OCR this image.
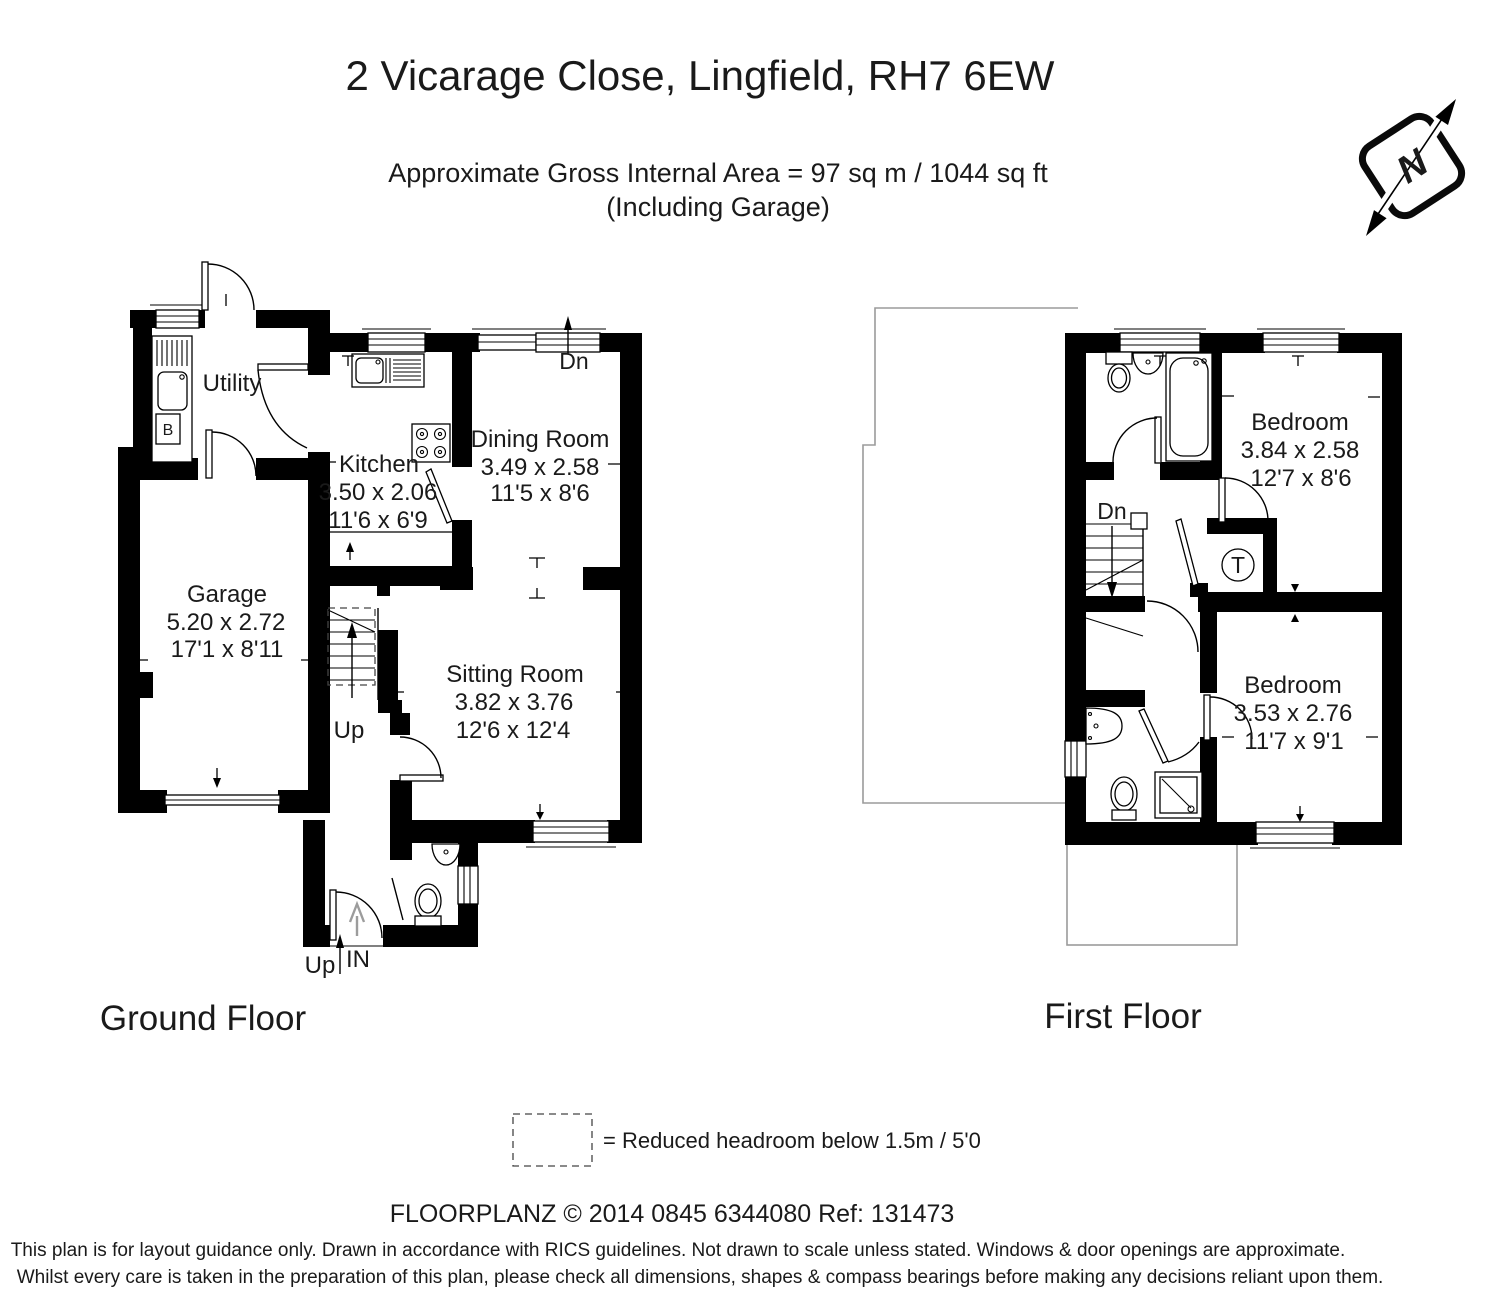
2 Vicarage Close, Lingfield, RH7 6EW
Approximate Gross Internal Area = 97 sq m / 1044 sq ft
(Including Garage)
N
B
Utility
Kitchen
3.50 x 2.06
11'6 x 6'9
Dining Room
3.49 x 2.58
11'5 x 8'6
Garage
5.20 x 2.72
17'1 x 8'11
Sitting Room
3.82 x 3.76
12'6 x 12'4
Dn
Up
Up IN
Ground Floor
T
Bedroom
3.84 x 2.58
12'7 x 8'6
Bedroom
3.53 x 2.76
11'7 x 9'1
Dn
First Floor
= Reduced headroom below 1.5m / 5'0
FLOORPLANZ © 2014 0845 6344080 Ref: 131473
This plan is for layout guidance only. Drawn in accordance with RICS guidelines. Not drawn to scale unless stated. Windows & door openings are approximate.
Whilst every care is taken in the preparation of this plan, please check all dimensions, shapes & compass bearings before making any decisions reliant upon them.
